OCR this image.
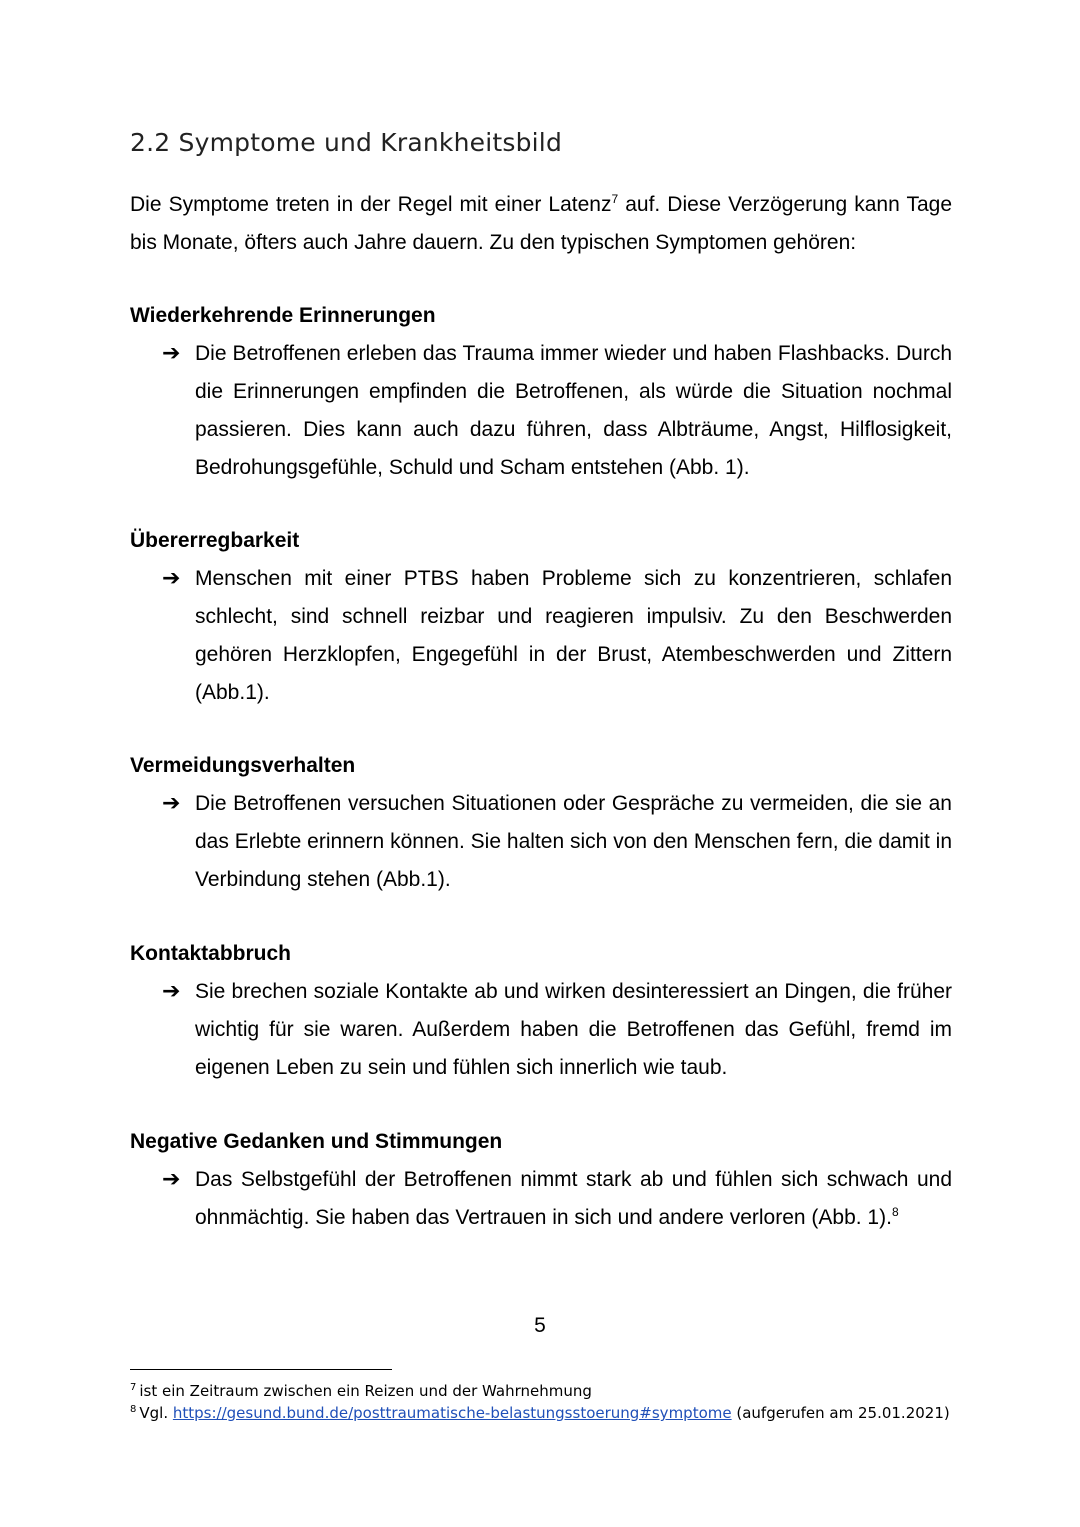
2.2 Symptome und Krankheitsbild

Die Symptome treten in der Regel mit einer Latenz$^7$ auf. Diese Verzögerung kann Tage bis Monate, öfters auch Jahre dauern. Zu den typischen Symptomen gehören:

Wiederkehrende Erinnerungen

➔ Die Betroffenen erleben das Trauma immer wieder und haben Flashbacks. Durch die Erinnerungen empfinden die Betroffenen, als würde die Situation nochmal passieren. Dies kann auch dazu führen, dass Albträume, Angst, Hilflosigkeit, Bedrohungsgefühle, Schuld und Scham entstehen (Abb. 1).

Übererregbarkeit

➔ Menschen mit einer PTBS haben Probleme sich zu konzentrieren, schlafen schlecht, sind schnell reizbar und reagieren impulsiv. Zu den Beschwerden gehören Herzklopfen, Engegefühl in der Brust, Atembeschwerden und Zittern (Abb.1).

Vermeidungsverhalten

➔ Die Betroffenen versuchen Situationen oder Gespräche zu vermeiden, die sie an das Erlebte erinnern können. Sie halten sich von den Menschen fern, die damit in Verbindung stehen (Abb.1).

Kontaktabbruch

➔ Sie brechen soziale Kontakte ab und wirken desinteressiert an Dingen, die früher wichtig für sie waren. Außerdem haben die Betroffenen das Gefühl, fremd im eigenen Leben zu sein und fühlen sich innerlich wie taub.

Negative Gedanken und Stimmungen

➔ Das Selbstgefühl der Betroffenen nimmt stark ab und fühlen sich schwach und ohnmächtig. Sie haben das Vertrauen in sich und andere verloren (Abb. 1).$^8$

5

$^7$ ist ein Zeitraum zwischen ein Reizen und der Wahrnehmung

$^8$ Vgl. https://gesund.bund.de/posttraumatische-belastungsstoerung#symptome (aufgerufen am 25.01.2021)
